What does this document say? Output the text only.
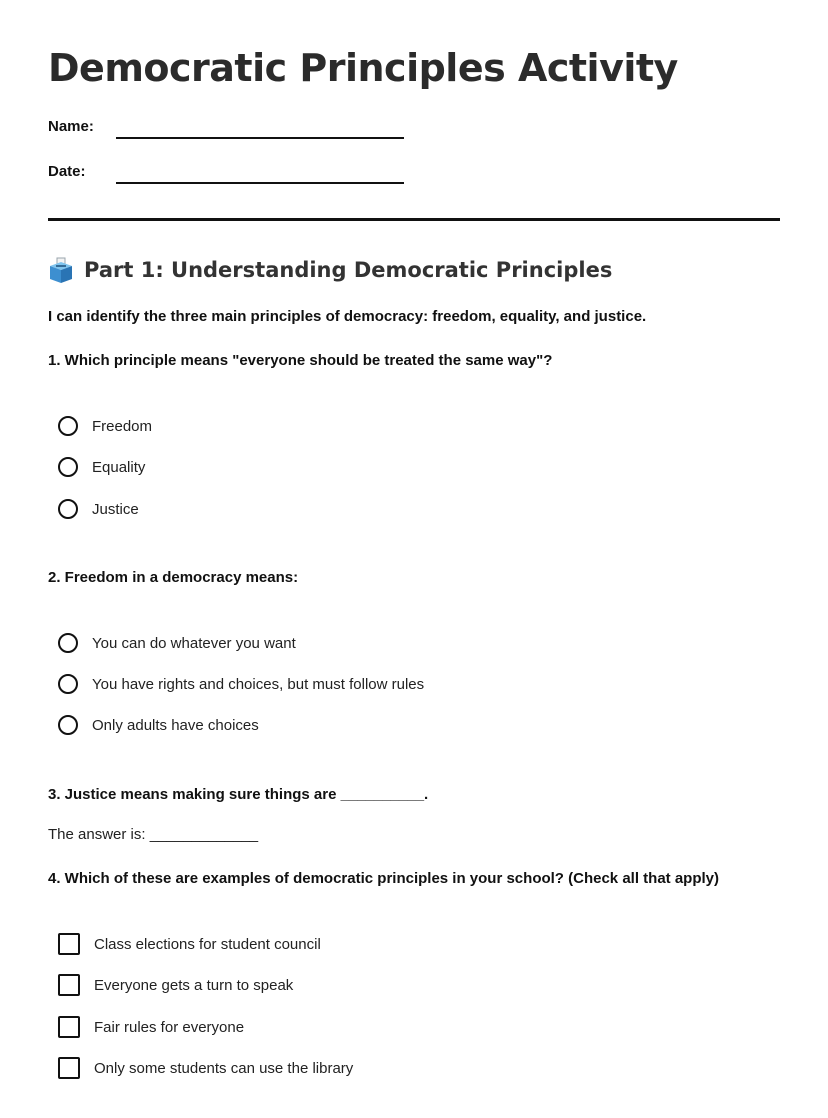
Democratic Principles Activity
Name:
Date:
Part 1: Understanding Democratic Principles
I can identify the three main principles of democracy: freedom, equality, and justice.
1. Which principle means "everyone should be treated the same way"?
Freedom
Equality
Justice
2. Freedom in a democracy means:
You can do whatever you want
You have rights and choices, but must follow rules
Only adults have choices
3. Justice means making sure things are __________.
The answer is: _____________
4. Which of these are examples of democratic principles in your school? (Check all that apply)
Class elections for student council
Everyone gets a turn to speak
Fair rules for everyone
Only some students can use the library
